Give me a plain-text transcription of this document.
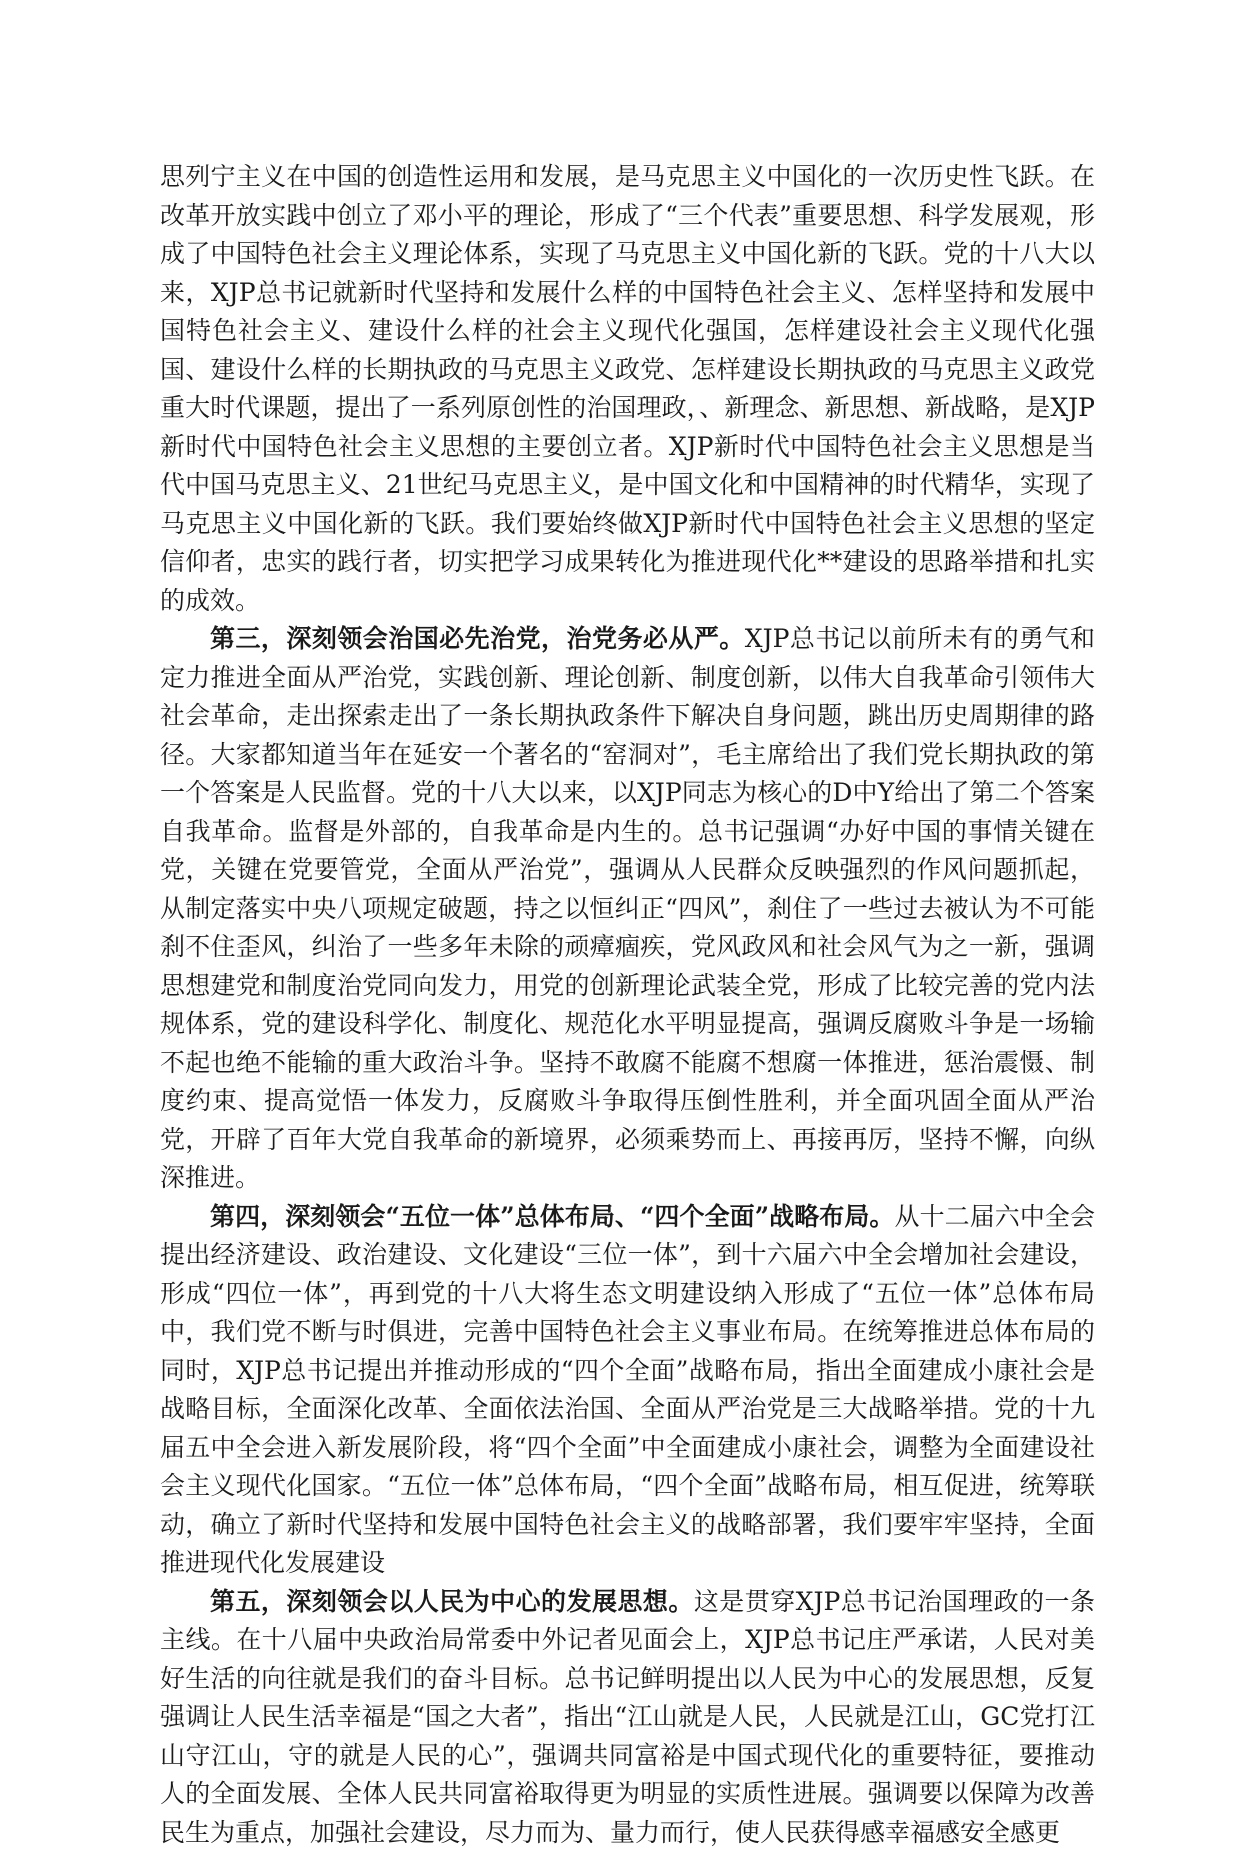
思列宁主义在中国的创造性运用和发展，是马克思主义中国化的一次历史性飞跃。在改革开放实践中创立了邓小平的理论，形成了“三个代表”重要思想、科学发展观，形成了中国特色社会主义理论体系，实现了马克思主义中国化新的飞跃。党的十八大以来，XJP总书记就新时代坚持和发展什么样的中国特色社会主义、怎样坚持和发展中国特色社会主义、建设什么样的社会主义现代化强国，怎样建设社会主义现代化强国、建设什么样的长期执政的马克思主义政党、怎样建设长期执政的马克思主义政党重大时代课题，提出了一系列原创性的治国理政，、新理念、新思想、新战略，是XJP新时代中国特色社会主义思想的主要创立者。XJP新时代中国特色社会主义思想是当代中国马克思主义、21世纪马克思主义，是中国文化和中国精神的时代精华，实现了马克思主义中国化新的飞跃。我们要始终做XJP新时代中国特色社会主义思想的坚定信仰者，忠实的践行者，切实把学习成果转化为推进现代化**建设的思路举措和扎实的成效。

第三，深刻领会治国必先治党，治党务必从严。XJP总书记以前所未有的勇气和定力推进全面从严治党，实践创新、理论创新、制度创新，以伟大自我革命引领伟大社会革命，走出探索走出了一条长期执政条件下解决自身问题，跳出历史周期律的路径。大家都知道当年在延安一个著名的“窑洞对”，毛主席给出了我们党长期执政的第一个答案是人民监督。党的十八大以来，以XJP同志为核心的D中Y给出了第二个答案自我革命。监督是外部的，自我革命是内生的。总书记强调“办好中国的事情关键在党，关键在党要管党，全面从严治党”，强调从人民群众反映强烈的作风问题抓起，从制定落实中央八项规定破题，持之以恒纠正“四风”，刹住了一些过去被认为不可能刹不住歪风，纠治了一些多年未除的顽瘴痼疾，党风政风和社会风气为之一新，强调思想建党和制度治党同向发力，用党的创新理论武装全党，形成了比较完善的党内法规体系，党的建设科学化、制度化、规范化水平明显提高，强调反腐败斗争是一场输不起也绝不能输的重大政治斗争。坚持不敢腐不能腐不想腐一体推进，惩治震慑、制度约束、提高觉悟一体发力，反腐败斗争取得压倒性胜利，并全面巩固全面从严治党，开辟了百年大党自我革命的新境界，必须乘势而上、再接再厉，坚持不懈，向纵深推进。

第四，深刻领会“五位一体”总体布局、“四个全面”战略布局。从十二届六中全会提出经济建设、政治建设、文化建设“三位一体”，到十六届六中全会增加社会建设，形成“四位一体”，再到党的十八大将生态文明建设纳入形成了“五位一体”总体布局中，我们党不断与时俱进，完善中国特色社会主义事业布局。在统筹推进总体布局的同时，XJP总书记提出并推动形成的“四个全面”战略布局，指出全面建成小康社会是战略目标，全面深化改革、全面依法治国、全面从严治党是三大战略举措。党的十九届五中全会进入新发展阶段，将“四个全面”中全面建成小康社会，调整为全面建设社会主义现代化国家。“五位一体”总体布局，“四个全面”战略布局，相互促进，统筹联动，确立了新时代坚持和发展中国特色社会主义的战略部署，我们要牢牢坚持，全面推进现代化发展建设

第五，深刻领会以人民为中心的发展思想。这是贯穿XJP总书记治国理政的一条主线。在十八届中央政治局常委中外记者见面会上，XJP总书记庄严承诺，人民对美好生活的向往就是我们的奋斗目标。总书记鲜明提出以人民为中心的发展思想，反复强调让人民生活幸福是“国之大者”，指出“江山就是人民，人民就是江山，GC党打江山守江山，守的就是人民的心”，强调共同富裕是中国式现代化的重要特征，要推动人的全面发展、全体人民共同富裕取得更为明显的实质性进展。强调要以保障为改善民生为重点，加强社会建设，尽力而为、量力而行，使人民获得感幸福感安全感更
